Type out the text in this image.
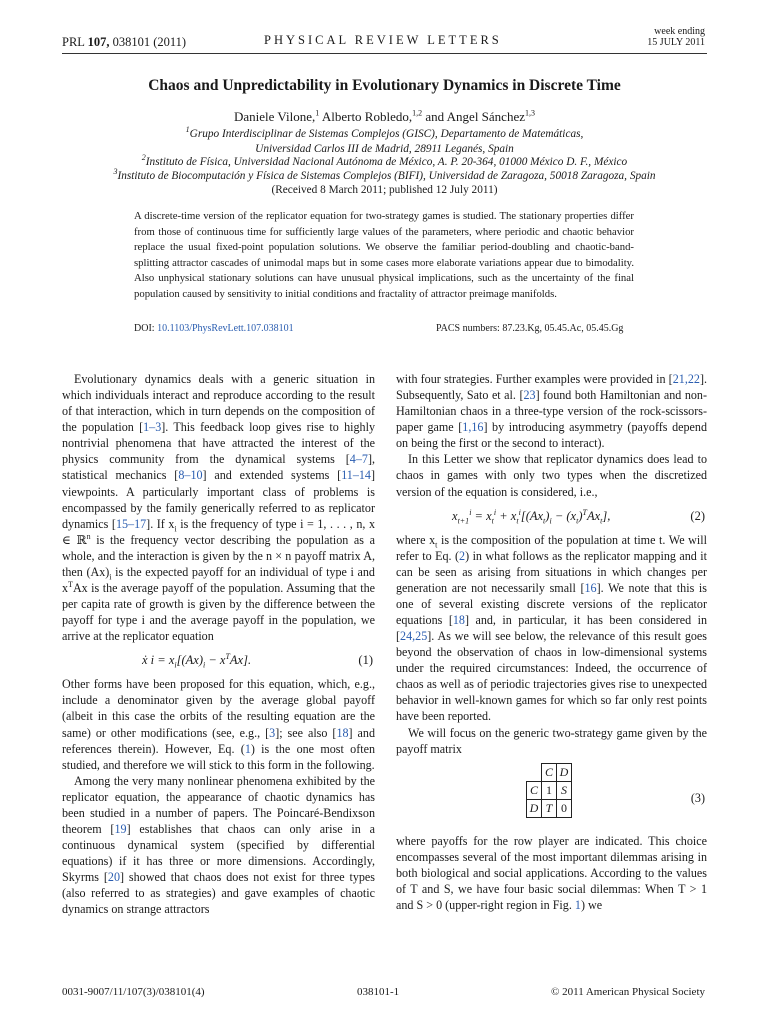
PRL 107, 038101 (2011)	PHYSICAL REVIEW LETTERS
week ending
15 JULY 2011
Chaos and Unpredictability in Evolutionary Dynamics in Discrete Time
Daniele Vilone,$^1$ Alberto Robledo,$^{1,2}$ and Angel Sánchez$^{1,3}$
$^1$Grupo Interdisciplinar de Sistemas Complejos (GISC), Departamento de Matemáticas,
Universidad Carlos III de Madrid, 28911 Leganés, Spain
$^2$Instituto de Física, Universidad Nacional Autónoma de México, A. P. 20-364, 01000 México D. F., México
$^3$Instituto de Biocomputación y Física de Sistemas Complejos (BIFI), Universidad de Zaragoza, 50018 Zaragoza, Spain
(Received 8 March 2011; published 12 July 2011)
A discrete-time version of the replicator equation for two-strategy games is studied. The stationary properties differ from those of continuous time for sufficiently large values of the parameters, where periodic and chaotic behavior replace the usual fixed-point population solutions. We observe the familiar period-doubling and chaotic-band-splitting attractor cascades of unimodal maps but in some cases more elaborate variations appear due to bimodality. Also unphysical stationary solutions can have unusual physical implications, such as the uncertainty of the final population caused by sensitivity to initial conditions and fractality of attractor preimage manifolds.
DOI: 10.1103/PhysRevLett.107.038101	PACS numbers: 87.23.Kg, 05.45.Ac, 05.45.Gg

Evolutionary dynamics deals with a generic situation in which individuals interact and reproduce according to the result of that interaction, which in turn depends on the composition of the population [1–3]. This feedback loop gives rise to highly nontrivial phenomena that have attracted the interest of the physics community from the dynamical systems [4–7], statistical mechanics [8–10] and extended systems [11–14] viewpoints. A particularly important class of problems is encompassed by the family generically referred to as replicator dynamics [15–17]. If $x_i$ is the frequency of type i = 1, . . . , n, x ∈ ℝ$^n$ is the frequency vector describing the population as a whole, and the interaction is given by the n × n payoff matrix A, then $(Ax)_i$ is the expected payoff for an individual of type i and $x^TAx$ is the average payoff of the population. Assuming that the per capita rate of growth is given by the difference between the payoff for type i and the average payoff in the population, we arrive at the replicator equation

ẋ $i = x_i[(Ax)_i - x^TAx]$.	(1)

Other forms have been proposed for this equation, which, e.g., include a denominator given by the average global payoff (albeit in this case the orbits of the resulting equation are the same) or other modifications (see, e.g., [3]; see also [18] and references therein). However, Eq. (1) is the one most often studied, and therefore we will stick to this form in the following.

Among the very many nonlinear phenomena exhibited by the replicator equation, the appearance of chaotic dynamics has been studied in a number of papers. The Poincaré-Bendixson theorem [19] establishes that chaos can only arise in a continuous dynamical system (specified by differential equations) if it has three or more dimensions. Accordingly, Skyrms [20] showed that chaos does not exist for three types (also referred to as strategies) and gave examples of chaotic dynamics on strange attractors

with four strategies. Further examples were provided in [21,22]. Subsequently, Sato et al. [23] found both Hamiltonian and non-Hamiltonian chaos in a three-type version of the rock-scissors-paper game [1,16] by introducing asymmetry (payoffs depend on being the first or the second to interact).

In this Letter we show that replicator dynamics does lead to chaos in games with only two types when the discretized version of the equation is considered, i.e.,

$x_{t+1}^i = x_t^i + x_t^i[(Ax_t)_i - (x_t)^TAx_t]$,	(2)

where $x_t$ is the composition of the population at time t. We will refer to Eq. (2) in what follows as the replicator mapping and it can be seen as arising from situations in which changes per generation are not necessarily small [16]. We note that this is one of several existing discrete versions of the replicator equations [18] and, in particular, it has been considered in [24,25]. As we will see below, the relevance of this result goes beyond the observation of chaos in low-dimensional systems under the required circumstances: Indeed, the occurrence of chaos as well as of periodic trajectories gives rise to unexpected behavior in well-known games for which so far only rest points have been reported.

We will focus on the generic two-strategy game given by the payoff matrix

	C	D
C	1	S
D	T	0
(3)

where payoffs for the row player are indicated. This choice encompasses several of the most important dilemmas arising in both biological and social applications. According to the values of T and S, we have four basic social dilemmas: When T > 1 and S > 0 (upper-right region in Fig. 1) we

0031-9007/11/107(3)/038101(4)	038101-1	© 2011 American Physical Society
